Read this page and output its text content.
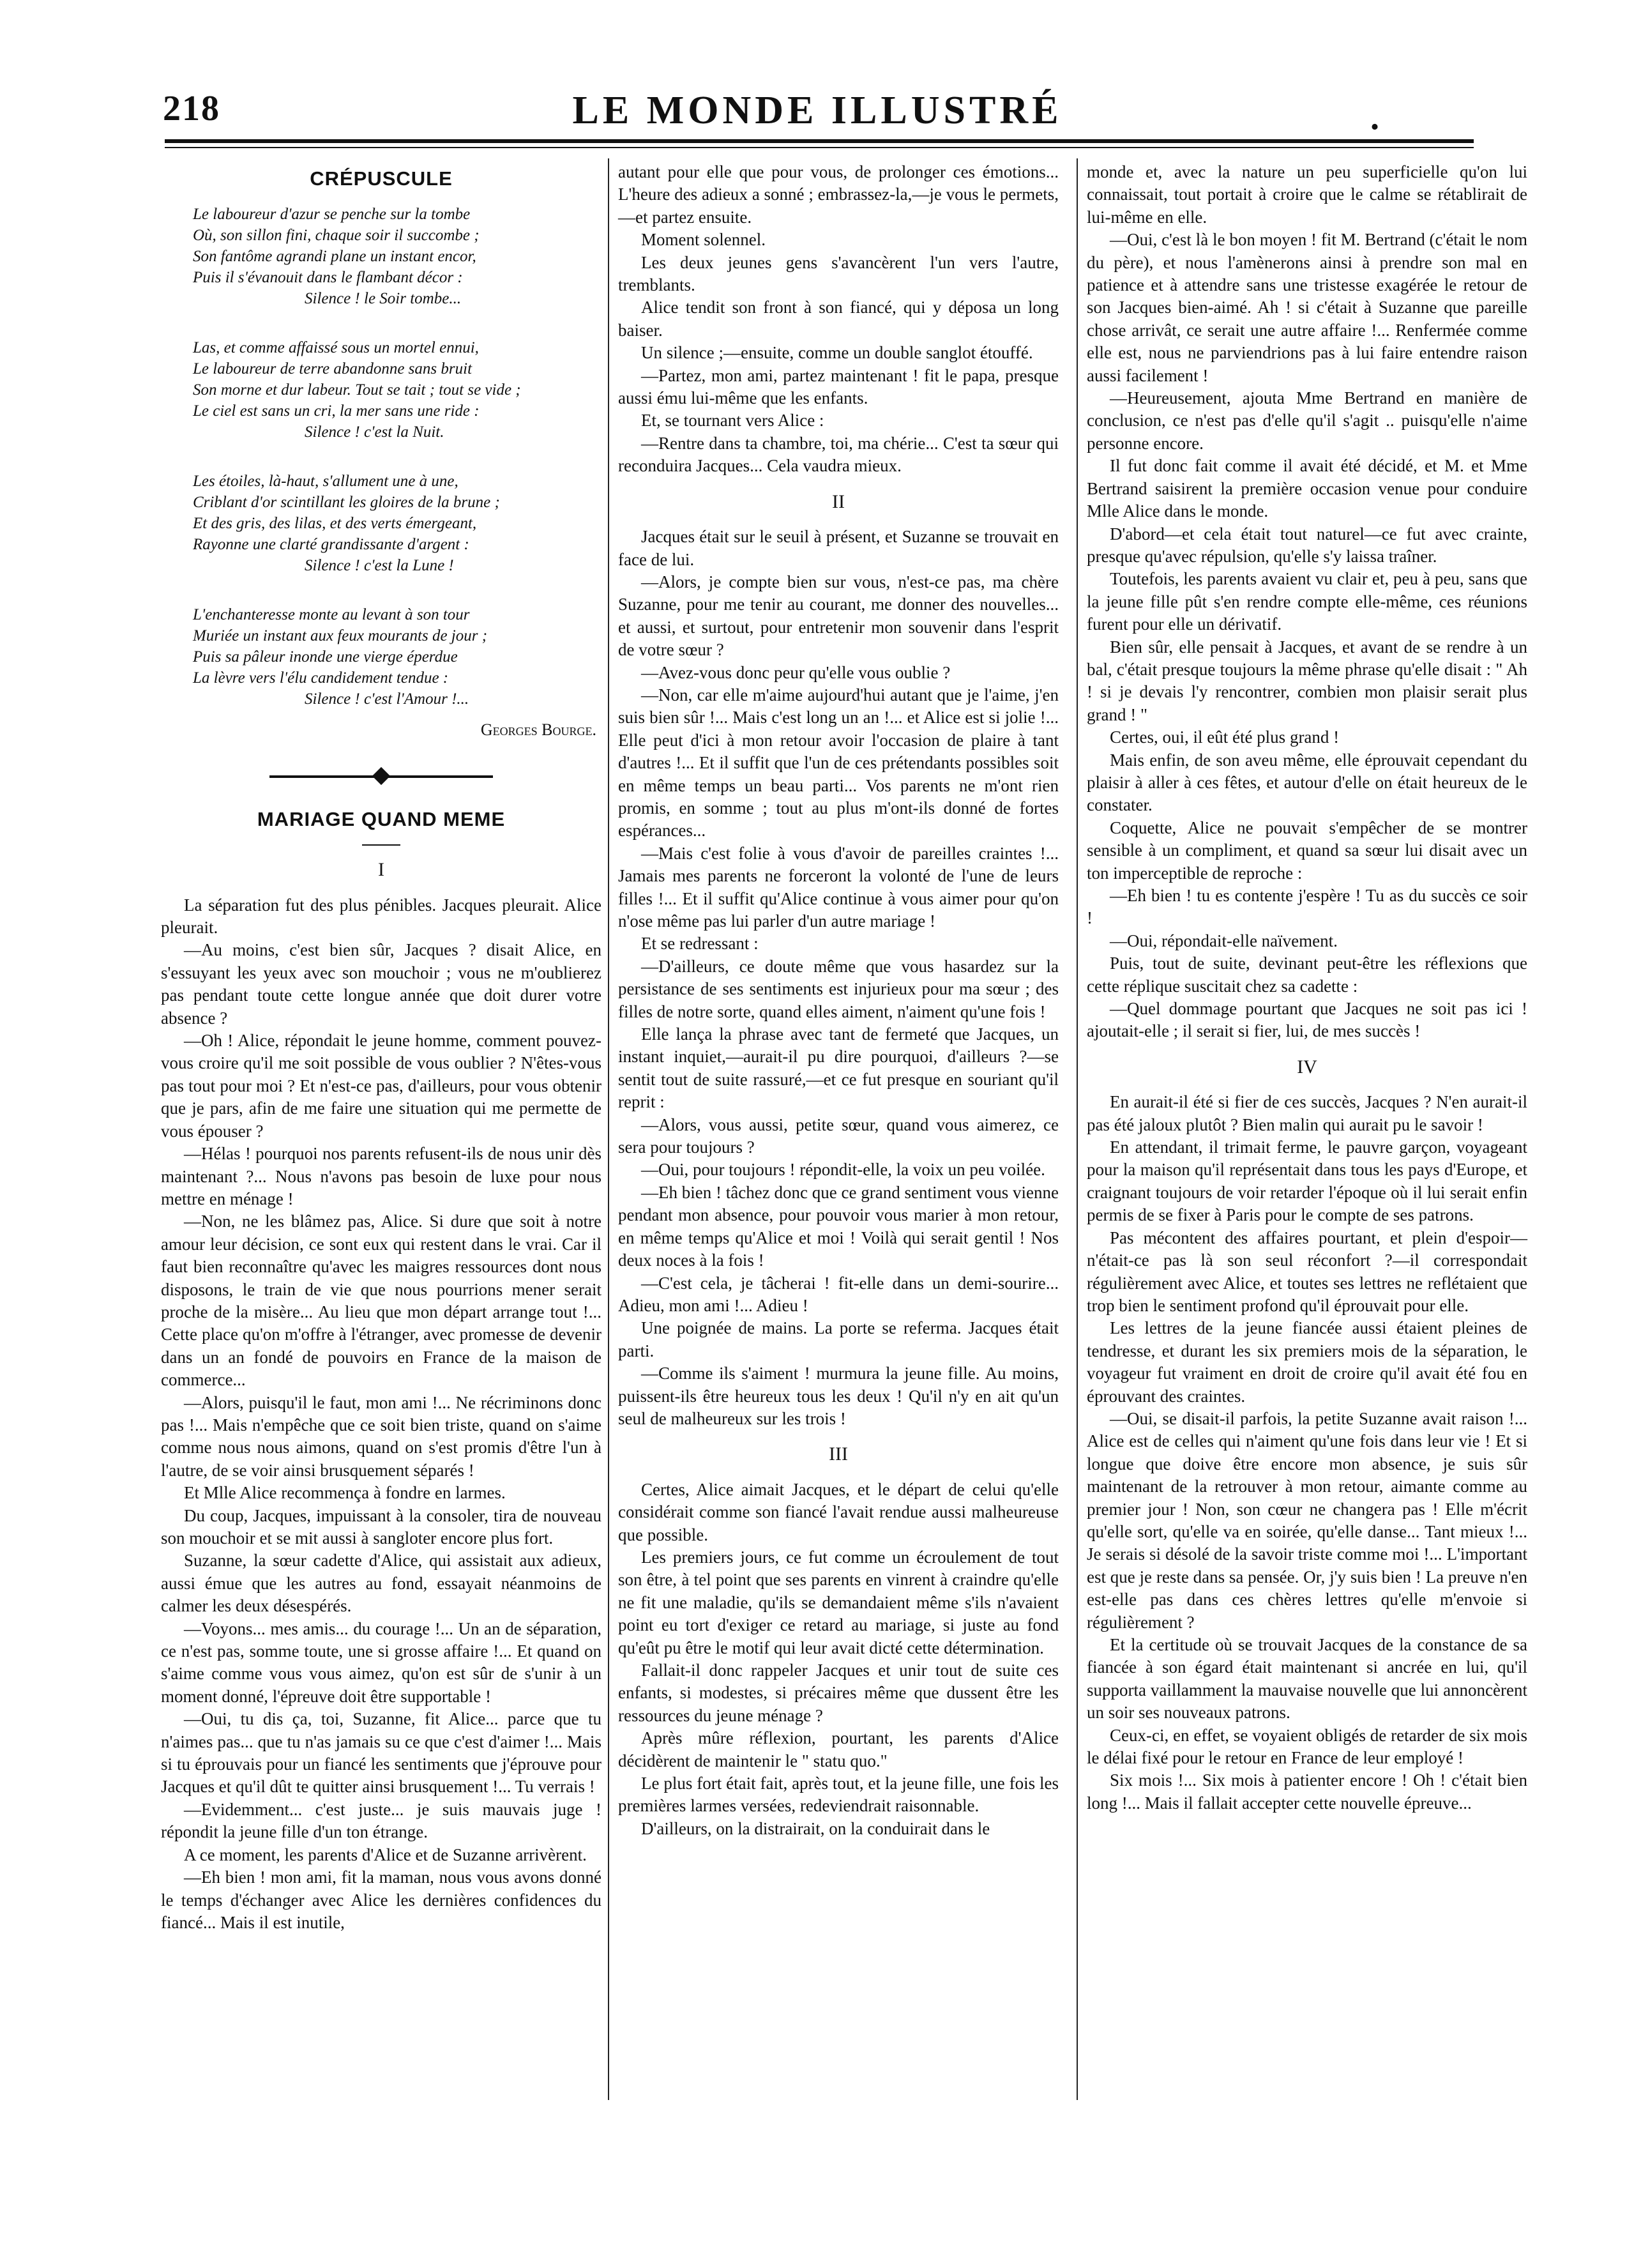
218	LE MONDE ILLUSTRÉ	.
CRÉPUSCULE
Le laboureur d'azur se penche sur la tombe
Où, son sillon fini, chaque soir il succombe ;
Son fantôme agrandi plane un instant encor,
Puis il s'évanouit dans le flambant décor :
Silence ! le Soir tombe...
Las, et comme affaissé sous un mortel ennui,
Le laboureur de terre abandonne sans bruit
Son morne et dur labeur. Tout se tait ; tout se vide ;
Le ciel est sans un cri, la mer sans une ride :
Silence ! c'est la Nuit.
Les étoiles, là-haut, s'allument une à une,
Criblant d'or scintillant les gloires de la brune ;
Et des gris, des lilas, et des verts émergeant,
Rayonne une clarté grandissante d'argent :
Silence ! c'est la Lune !
L'enchanteresse monte au levant à son tour
Muriée un instant aux feux mourants de jour ;
Puis sa pâleur inonde une vierge éperdue
La lèvre vers l'élu candidement tendue :
Silence ! c'est l'Amour !...
Georges Bourge.
MARIAGE QUAND MEME
I

La séparation fut des plus pénibles. Jacques pleurait. Alice pleurait.

—Au moins, c'est bien sûr, Jacques ? disait Alice, en s'essuyant les yeux avec son mouchoir ; vous ne m'oublierez pas pendant toute cette longue année que doit durer votre absence ?

—Oh ! Alice, répondait le jeune homme, comment pouvez-vous croire qu'il me soit possible de vous oublier ? N'êtes-vous pas tout pour moi ? Et n'est-ce pas, d'ailleurs, pour vous obtenir que je pars, afin de me faire une situation qui me permette de vous épouser ?

—Hélas ! pourquoi nos parents refusent-ils de nous unir dès maintenant ?... Nous n'avons pas besoin de luxe pour nous mettre en ménage !

—Non, ne les blâmez pas, Alice. Si dure que soit à notre amour leur décision, ce sont eux qui restent dans le vrai. Car il faut bien reconnaître qu'avec les maigres ressources dont nous disposons, le train de vie que nous pourrions mener serait proche de la misère... Au lieu que mon départ arrange tout !... Cette place qu'on m'offre à l'étranger, avec promesse de devenir dans un an fondé de pouvoirs en France de la maison de commerce...

—Alors, puisqu'il le faut, mon ami !... Ne récriminons donc pas !... Mais n'empêche que ce soit bien triste, quand on s'aime comme nous nous aimons, quand on s'est promis d'être l'un à l'autre, de se voir ainsi brusquement séparés !

Et Mlle Alice recommença à fondre en larmes.

Du coup, Jacques, impuissant à la consoler, tira de nouveau son mouchoir et se mit aussi à sangloter encore plus fort.

Suzanne, la sœur cadette d'Alice, qui assistait aux adieux, aussi émue que les autres au fond, essayait néanmoins de calmer les deux désespérés.

—Voyons... mes amis... du courage !... Un an de séparation, ce n'est pas, somme toute, une si grosse affaire !... Et quand on s'aime comme vous vous aimez, qu'on est sûr de s'unir à un moment donné, l'épreuve doit être supportable !

—Oui, tu dis ça, toi, Suzanne, fit Alice... parce que tu n'aimes pas... que tu n'as jamais su ce que c'est d'aimer !... Mais si tu éprouvais pour un fiancé les sentiments que j'éprouve pour Jacques et qu'il dût te quitter ainsi brusquement !... Tu verrais !

—Evidemment... c'est juste... je suis mauvais juge ! répondit la jeune fille d'un ton étrange.

A ce moment, les parents d'Alice et de Suzanne arrivèrent.

—Eh bien ! mon ami, fit la maman, nous vous avons donné le temps d'échanger avec Alice les dernières confidences du fiancé... Mais il est inutile,

autant pour elle que pour vous, de prolonger ces émotions... L'heure des adieux a sonné ; embrassez-la,—je vous le permets,—et partez ensuite.

Moment solennel.

Les deux jeunes gens s'avancèrent l'un vers l'autre, tremblants.

Alice tendit son front à son fiancé, qui y déposa un long baiser.

Un silence ;—ensuite, comme un double sanglot étouffé.

—Partez, mon ami, partez maintenant ! fit le papa, presque aussi ému lui-même que les enfants.

Et, se tournant vers Alice :

—Rentre dans ta chambre, toi, ma chérie... C'est ta sœur qui reconduira Jacques... Cela vaudra mieux.

II

Jacques était sur le seuil à présent, et Suzanne se trouvait en face de lui.

—Alors, je compte bien sur vous, n'est-ce pas, ma chère Suzanne, pour me tenir au courant, me donner des nouvelles... et aussi, et surtout, pour entretenir mon souvenir dans l'esprit de votre sœur ?

—Avez-vous donc peur qu'elle vous oublie ?

—Non, car elle m'aime aujourd'hui autant que je l'aime, j'en suis bien sûr !... Mais c'est long un an !... et Alice est si jolie !... Elle peut d'ici à mon retour avoir l'occasion de plaire à tant d'autres !... Et il suffit que l'un de ces prétendants possibles soit en même temps un beau parti... Vos parents ne m'ont rien promis, en somme ; tout au plus m'ont-ils donné de fortes espérances...

—Mais c'est folie à vous d'avoir de pareilles craintes !... Jamais mes parents ne forceront la volonté de l'une de leurs filles !... Et il suffit qu'Alice continue à vous aimer pour qu'on n'ose même pas lui parler d'un autre mariage !

Et se redressant :

—D'ailleurs, ce doute même que vous hasardez sur la persistance de ses sentiments est injurieux pour ma sœur ; des filles de notre sorte, quand elles aiment, n'aiment qu'une fois !

Elle lança la phrase avec tant de fermeté que Jacques, un instant inquiet,—aurait-il pu dire pourquoi, d'ailleurs ?—se sentit tout de suite rassuré,—et ce fut presque en souriant qu'il reprit :

—Alors, vous aussi, petite sœur, quand vous aimerez, ce sera pour toujours ?

—Oui, pour toujours ! répondit-elle, la voix un peu voilée.

—Eh bien ! tâchez donc que ce grand sentiment vous vienne pendant mon absence, pour pouvoir vous marier à mon retour, en même temps qu'Alice et moi ! Voilà qui serait gentil ! Nos deux noces à la fois !

—C'est cela, je tâcherai ! fit-elle dans un demi-sourire... Adieu, mon ami !... Adieu !

Une poignée de mains. La porte se referma. Jacques était parti.

—Comme ils s'aiment ! murmura la jeune fille. Au moins, puissent-ils être heureux tous les deux ! Qu'il n'y en ait qu'un seul de malheureux sur les trois !

III

Certes, Alice aimait Jacques, et le départ de celui qu'elle considérait comme son fiancé l'avait rendue aussi malheureuse que possible.

Les premiers jours, ce fut comme un écroulement de tout son être, à tel point que ses parents en vinrent à craindre qu'elle ne fit une maladie, qu'ils se demandaient même s'ils n'avaient point eu tort d'exiger ce retard au mariage, si juste au fond qu'eût pu être le motif qui leur avait dicté cette détermination.

Fallait-il donc rappeler Jacques et unir tout de suite ces enfants, si modestes, si précaires même que dussent être les ressources du jeune ménage ?

Après mûre réflexion, pourtant, les parents d'Alice décidèrent de maintenir le " statu quo."

Le plus fort était fait, après tout, et la jeune fille, une fois les premières larmes versées, redeviendrait raisonnable.

D'ailleurs, on la distrairait, on la conduirait dans le

monde et, avec la nature un peu superficielle qu'on lui connaissait, tout portait à croire que le calme se rétablirait de lui-même en elle.

—Oui, c'est là le bon moyen ! fit M. Bertrand (c'était le nom du père), et nous l'amènerons ainsi à prendre son mal en patience et à attendre sans une tristesse exagérée le retour de son Jacques bien-aimé. Ah ! si c'était à Suzanne que pareille chose arrivât, ce serait une autre affaire !... Renfermée comme elle est, nous ne parviendrions pas à lui faire entendre raison aussi facilement !

—Heureusement, ajouta Mme Bertrand en manière de conclusion, ce n'est pas d'elle qu'il s'agit .. puisqu'elle n'aime personne encore.

Il fut donc fait comme il avait été décidé, et M. et Mme Bertrand saisirent la première occasion venue pour conduire Mlle Alice dans le monde.

D'abord—et cela était tout naturel—ce fut avec crainte, presque qu'avec répulsion, qu'elle s'y laissa traîner.

Toutefois, les parents avaient vu clair et, peu à peu, sans que la jeune fille pût s'en rendre compte elle-même, ces réunions furent pour elle un dérivatif.

Bien sûr, elle pensait à Jacques, et avant de se rendre à un bal, c'était presque toujours la même phrase qu'elle disait : " Ah ! si je devais l'y rencontrer, combien mon plaisir serait plus grand ! "

Certes, oui, il eût été plus grand !

Mais enfin, de son aveu même, elle éprouvait cependant du plaisir à aller à ces fêtes, et autour d'elle on était heureux de le constater.

Coquette, Alice ne pouvait s'empêcher de se montrer sensible à un compliment, et quand sa sœur lui disait avec un ton imperceptible de reproche :

—Eh bien ! tu es contente j'espère ! Tu as du succès ce soir !

—Oui, répondait-elle naïvement.

Puis, tout de suite, devinant peut-être les réflexions que cette réplique suscitait chez sa cadette :

—Quel dommage pourtant que Jacques ne soit pas ici ! ajoutait-elle ; il serait si fier, lui, de mes succès !

IV

En aurait-il été si fier de ces succès, Jacques ? N'en aurait-il pas été jaloux plutôt ? Bien malin qui aurait pu le savoir !

En attendant, il trimait ferme, le pauvre garçon, voyageant pour la maison qu'il représentait dans tous les pays d'Europe, et craignant toujours de voir retarder l'époque où il lui serait enfin permis de se fixer à Paris pour le compte de ses patrons.

Pas mécontent des affaires pourtant, et plein d'espoir—n'était-ce pas là son seul réconfort ?—il correspondait régulièrement avec Alice, et toutes ses lettres ne reflétaient que trop bien le sentiment profond qu'il éprouvait pour elle.

Les lettres de la jeune fiancée aussi étaient pleines de tendresse, et durant les six premiers mois de la séparation, le voyageur fut vraiment en droit de croire qu'il avait été fou en éprouvant des craintes.

—Oui, se disait-il parfois, la petite Suzanne avait raison !... Alice est de celles qui n'aiment qu'une fois dans leur vie ! Et si longue que doive être encore mon absence, je suis sûr maintenant de la retrouver à mon retour, aimante comme au premier jour ! Non, son cœur ne changera pas ! Elle m'écrit qu'elle sort, qu'elle va en soirée, qu'elle danse... Tant mieux !... Je serais si désolé de la savoir triste comme moi !... L'important est que je reste dans sa pensée. Or, j'y suis bien ! La preuve n'en est-elle pas dans ces chères lettres qu'elle m'envoie si régulièrement ?

Et la certitude où se trouvait Jacques de la constance de sa fiancée à son égard était maintenant si ancrée en lui, qu'il supporta vaillamment la mauvaise nouvelle que lui annoncèrent un soir ses nouveaux patrons.

Ceux-ci, en effet, se voyaient obligés de retarder de six mois le délai fixé pour le retour en France de leur employé !

Six mois !... Six mois à patienter encore ! Oh ! c'était bien long !... Mais il fallait accepter cette nouvelle épreuve...
